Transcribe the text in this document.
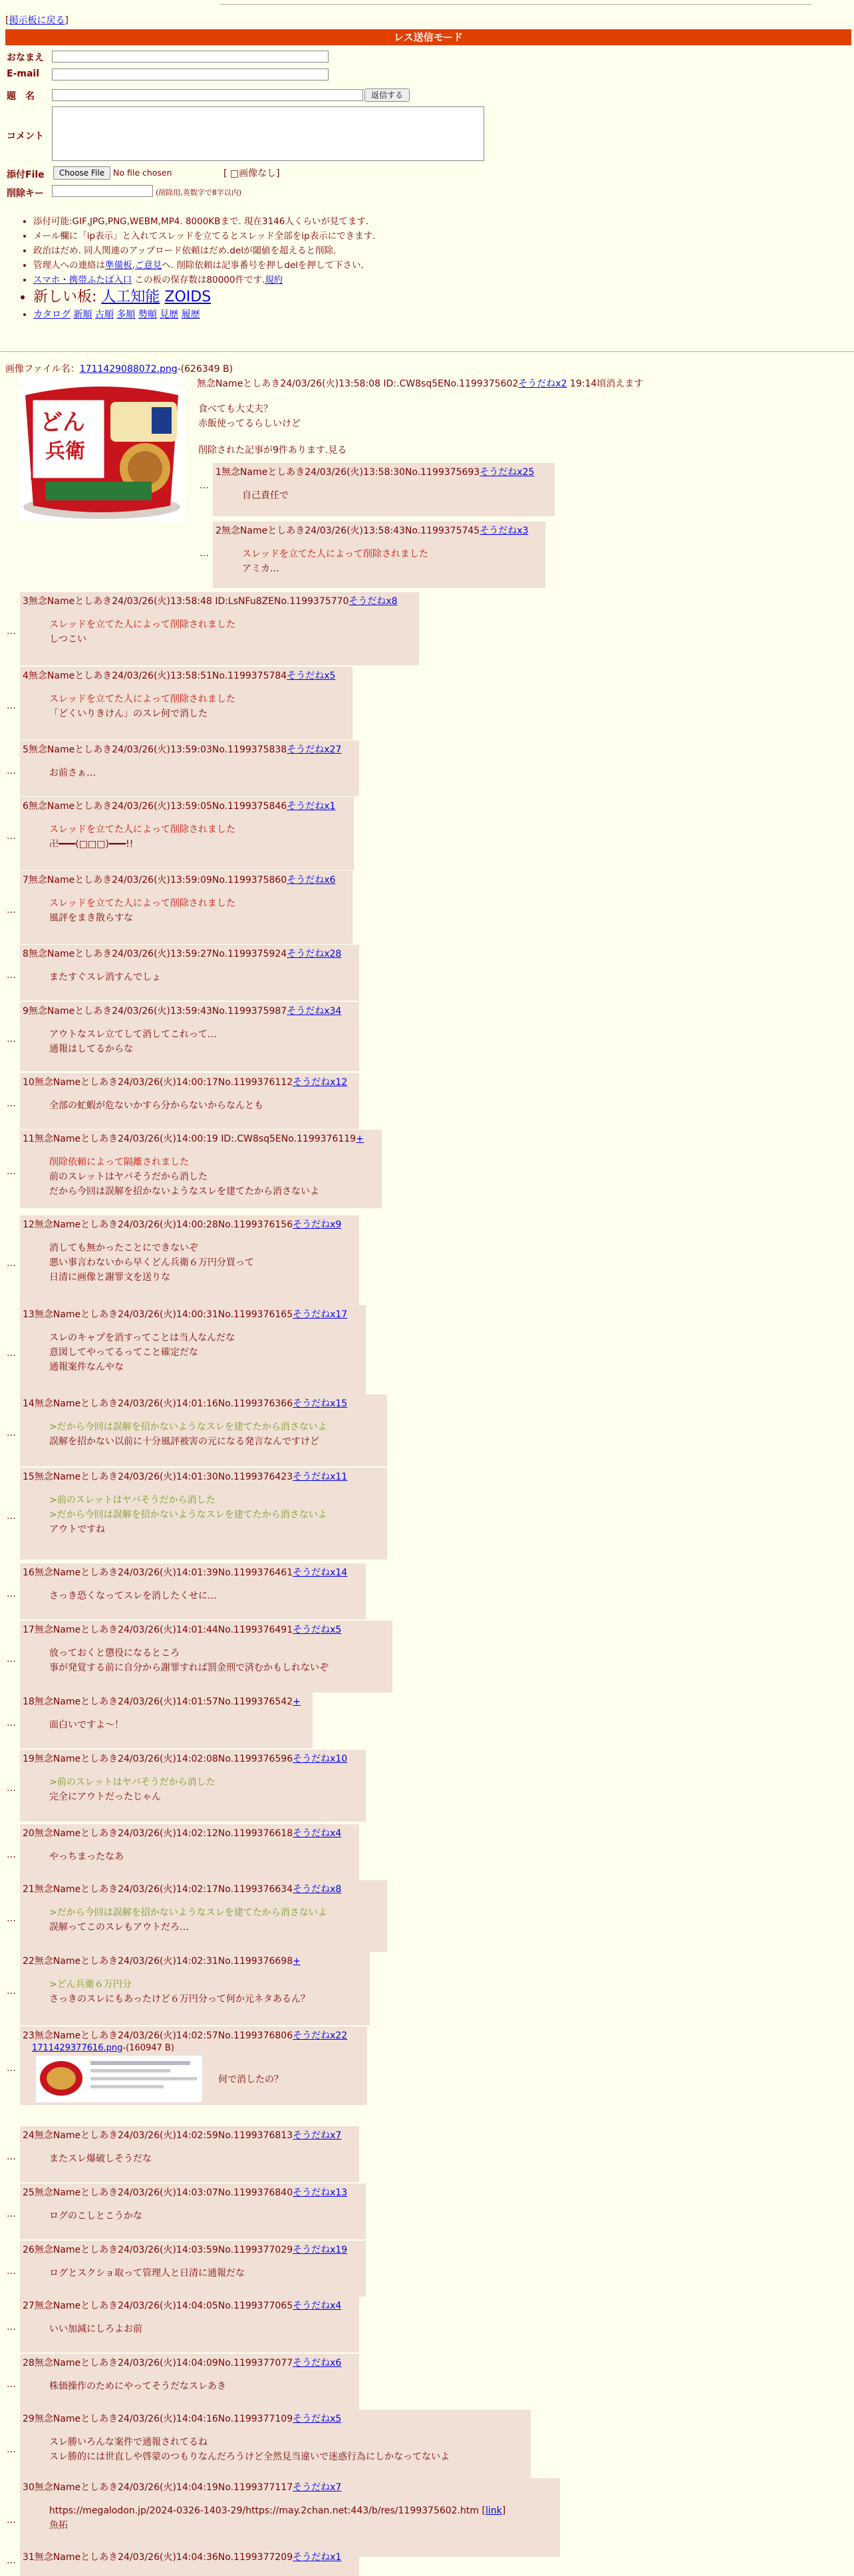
[掲示板に戻る]
レス送信モード
おなまえ
E-mail
題　名	返信する
コメント
添付File	Choose File	No file chosen	[ □画像なし]
削除キー	(削除用,英数字で8字以内)
• 添付可能:GIF,JPG,PNG,WEBM,MP4. 8000KBまで. 現在3146人くらいが見てます.
• メール欄に「ip表示」と入れてスレッドを立てるとスレッド全部をip表示にできます.
• 政治はだめ. 同人関連のアップロード依頼はだめ.delが閾値を超えると削除.
• 管理人への連絡は準備板,ご意見へ. 削除依頼は記事番号を押しdelを押して下さい.
• スマホ・携帯ふたば入口 この板の保存数は80000件です.規約
• 新しい板: 人工知能 ZOIDS
• カタログ 新順 古順 多順 勢順 見歴 履歴
画像ファイル名：1711429088072.png-(626349 B)
どん
兵衛
無念Nameとしあき24/03/26(火)13:58:08 ID:.CW8sq5ENo.1199375602そうだねx2 19:14頃消えます
食べても大丈夫？
赤飯使ってるらしいけど
削除された記事が9件あります.見る
1無念Nameとしあき24/03/26(火)13:58:30No.1199375693そうだねx25
自己責任で
…
2無念Nameとしあき24/03/26(火)13:58:43No.1199375745そうだねx3
スレッドを立てた人によって削除されました
アミカ…
…
3無念Nameとしあき24/03/26(火)13:58:48 ID:LsNFu8ZENo.1199375770そうだねx8
スレッドを立てた人によって削除されました
しつこい
…
4無念Nameとしあき24/03/26(火)13:58:51No.1199375784そうだねx5
スレッドを立てた人によって削除されました
「どくいりきけん」のスレ何で消した
…
5無念Nameとしあき24/03/26(火)13:59:03No.1199375838そうだねx27
お前さぁ…
…
6無念Nameとしあき24/03/26(火)13:59:05No.1199375846そうだねx1
スレッドを立てた人によって削除されました
卍━━━(□□□)━━━!!
…
7無念Nameとしあき24/03/26(火)13:59:09No.1199375860そうだねx6
スレッドを立てた人によって削除されました
風評をまき散らすな
…
8無念Nameとしあき24/03/26(火)13:59:27No.1199375924そうだねx28
またすぐスレ消すんでしょ
…
9無念Nameとしあき24/03/26(火)13:59:43No.1199375987そうだねx34
アウトなスレ立てして消してこれって…
通報はしてるからな
…
10無念Nameとしあき24/03/26(火)14:00:17No.1199376112そうだねx12
全部の虻蝦が危ないかすら分からないからなんとも
…
11無念Nameとしあき24/03/26(火)14:00:19 ID:.CW8sq5ENo.1199376119+
削除依頼によって隔離されました
前のスレットはヤバそうだから消した
だから今回は誤解を招かないようなスレを建てたから消さないよ
…
12無念Nameとしあき24/03/26(火)14:00:28No.1199376156そうだねx9
消しても無かったことにできないぞ
悪い事言わないから早くどん兵衛６万円分買って
日清に画像と謝罪文を送りな
…
13無念Nameとしあき24/03/26(火)14:00:31No.1199376165そうだねx17
スレのキャプを消すってことは当人なんだな
意図してやってるってこと確定だな
通報案件なんやな
…
14無念Nameとしあき24/03/26(火)14:01:16No.1199376366そうだねx15
>だから今回は誤解を招かないようなスレを建てたから消さないよ
誤解を招かない以前に十分風評被害の元になる発言なんですけど
…
15無念Nameとしあき24/03/26(火)14:01:30No.1199376423そうだねx11
>前のスレットはヤバそうだから消した
>だから今回は誤解を招かないようなスレを建てたから消さないよ
アウトですね
…
16無念Nameとしあき24/03/26(火)14:01:39No.1199376461そうだねx14
さっき恐くなってスレを消したくせに…
…
17無念Nameとしあき24/03/26(火)14:01:44No.1199376491そうだねx5
放っておくと懲役になるところ
事が発覚する前に自分から謝罪すれば罰金刑で済むかもしれないぞ
…
18無念Nameとしあき24/03/26(火)14:01:57No.1199376542+
面白いですよ〜！
…
19無念Nameとしあき24/03/26(火)14:02:08No.1199376596そうだねx10
>前のスレットはヤバそうだから消した
完全にアウトだったじゃん
…
20無念Nameとしあき24/03/26(火)14:02:12No.1199376618そうだねx4
やっちまったなあ
…
21無念Nameとしあき24/03/26(火)14:02:17No.1199376634そうだねx8
>だから今回は誤解を招かないようなスレを建てたから消さないよ
誤解ってこのスレもアウトだろ…
…
22無念Nameとしあき24/03/26(火)14:02:31No.1199376698+
>どん兵衛６万円分
さっきのスレにもあったけど６万円分って何か元ネタあるん？
…
23無念Nameとしあき24/03/26(火)14:02:57No.1199376806そうだねx22
1711429377616.png-(160947 B)
何で消したの？
…
24無念Nameとしあき24/03/26(火)14:02:59No.1199376813そうだねx7
またスレ爆破しそうだな
…
25無念Nameとしあき24/03/26(火)14:03:07No.1199376840そうだねx13
ログのこしとこうかな
…
26無念Nameとしあき24/03/26(火)14:03:59No.1199377029そうだねx19
ログとスクショ取って管理人と日清に通報だな
…
27無念Nameとしあき24/03/26(火)14:04:05No.1199377065そうだねx4
いい加減にしろよお前
…
28無念Nameとしあき24/03/26(火)14:04:09No.1199377077そうだねx6
株価操作のためにやってそうだなスレあき
…
29無念Nameとしあき24/03/26(火)14:04:16No.1199377109そうだねx5
スレ勝いろんな案件で通報されてるね
スレ勝的には世直しや啓蒙のつもりなんだろうけど全然見当違いで迷惑行為にしかなってないよ
…
30無念Nameとしあき24/03/26(火)14:04:19No.1199377117そうだねx7
https://megalodon.jp/2024-0326-1403-29/https://may.2chan.net:443/b/res/1199375602.htm [link]
魚拓
…
31無念Nameとしあき24/03/26(火)14:04:36No.1199377209そうだねx1
…
